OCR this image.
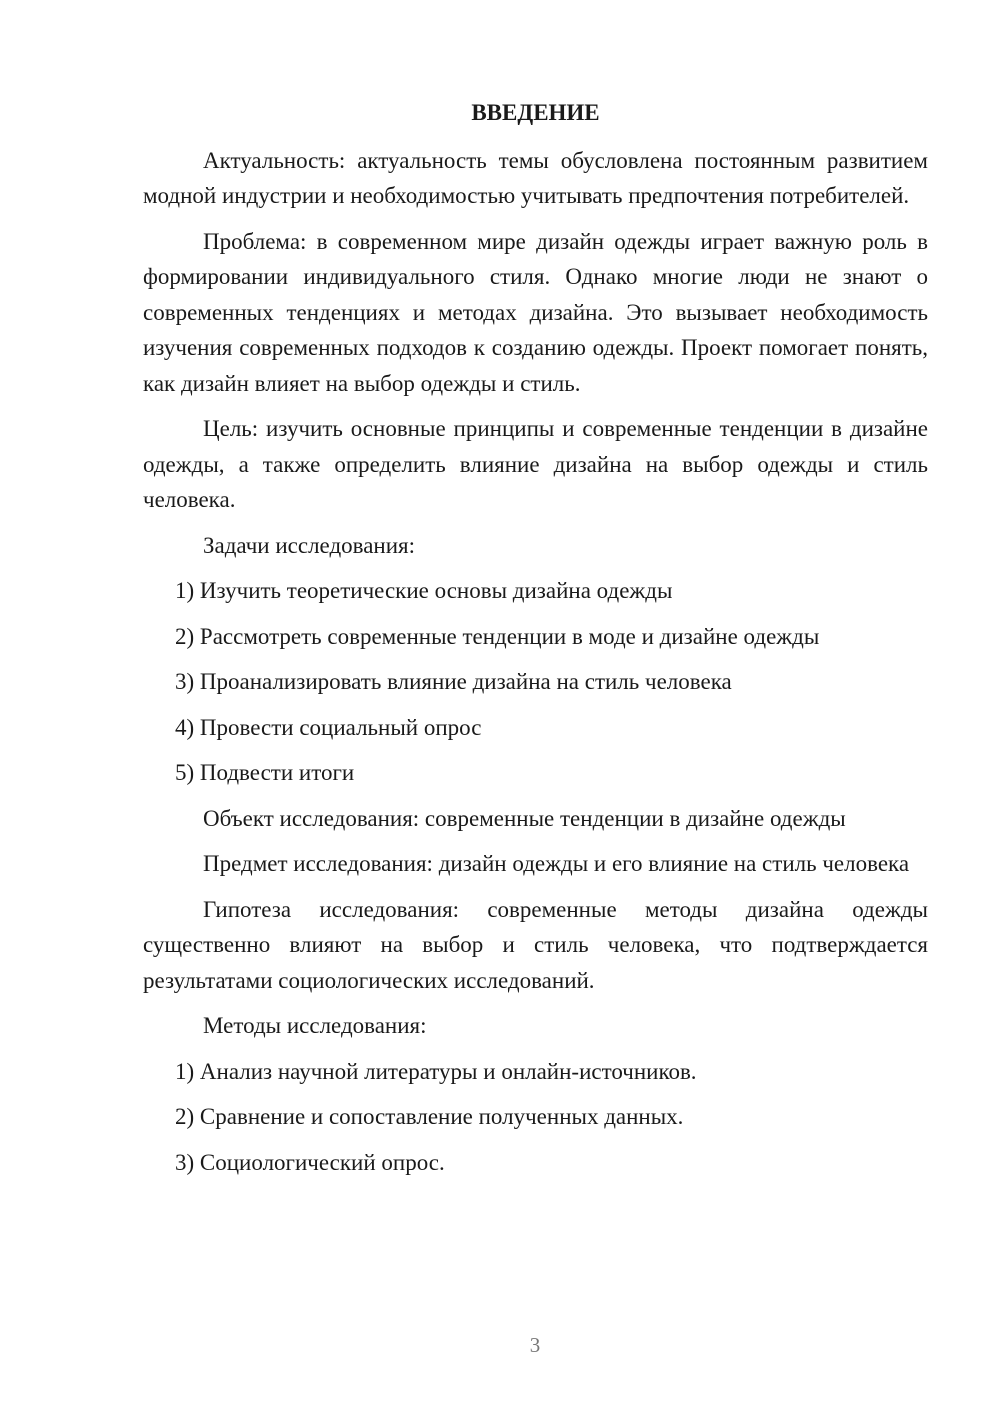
ВВЕДЕНИЕ

Актуальность: актуальность темы обусловлена постоянным развитием модной индустрии и необходимостью учитывать предпочтения потребителей.

Проблема: в современном мире дизайн одежды играет важную роль в формировании индивидуального стиля. Однако многие люди не знают о современных тенденциях и методах дизайна. Это вызывает необходимость изучения современных подходов к созданию одежды. Проект помогает понять, как дизайн влияет на выбор одежды и стиль.

Цель: изучить основные принципы и современные тенденции в дизайне одежды, а также определить влияние дизайна на выбор одежды и стиль человека.

Задачи исследования:

1) Изучить теоретические основы дизайна одежды
2) Рассмотреть современные тенденции в моде и дизайне одежды
3) Проанализировать влияние дизайна на стиль человека
4) Провести социальный опрос
5) Подвести итоги

Объект исследования: современные тенденции в дизайне одежды

Предмет исследования: дизайн одежды и его влияние на стиль человека

Гипотеза исследования: современные методы дизайна одежды существенно влияют на выбор и стиль человека, что подтверждается результатами социологических исследований.

Методы исследования:

1) Анализ научной литературы и онлайн-источников.
2) Сравнение и сопоставление полученных данных.
3) Социологический опрос.
3
